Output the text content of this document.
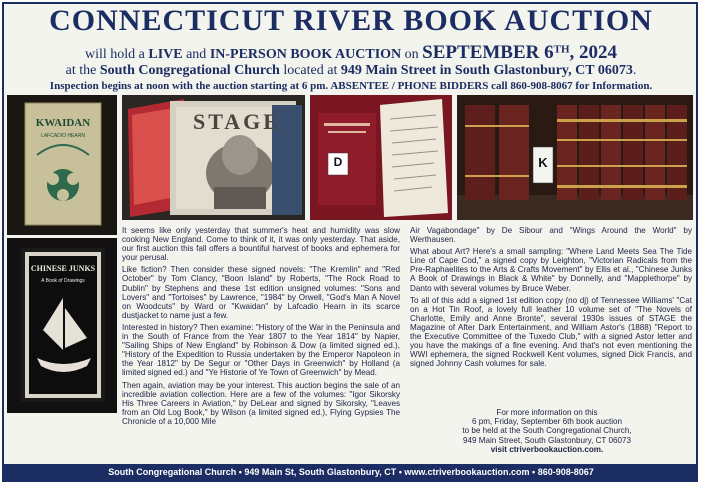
CONNECTICUT RIVER BOOK AUCTION
will hold a LIVE and IN-PERSON BOOK AUCTION on SEPTEMBER 6TH, 2024
at the South Congregational Church located at 949 Main Street in South Glastonbury, CT 06073.
Inspection begins at noon with the auction starting at 6 pm. ABSENTEE / PHONE BIDDERS call 860-908-8067 for Information.
KWAIDAN
LAFCADIO HEARN
STAGE
D	K
CHINESE JUNKS
A Book of Drawings

It seems like only yesterday that summer's heat and humidity was slow cooking New England. Come to think of it, it was only yesterday. That aside, our first auction this fall offers a bountiful harvest of books and ephemera for your perusal.

Like fiction? Then consider these signed novels: "The Kremlin" and "Red October" by Tom Clancy, "Boon Island" by Roberts, "The Rock Road to Dublin" by Stephens and these 1st edition unsigned volumes: "Sons and Lovers" and "Tortoises" by Lawrence, "1984" by Orwell, "God's Man A Novel on Woodcuts" by Ward or "Kwaidan" by Lafcadio Hearn in its scarce dustjacket to name just a few.

Interested in history? Then examine: "History of the War in the Peninsula and in the South of France from the Year 1807 to the Year 1814" by Napier, "Sailing Ships of New England" by Robinson & Dow (a limited signed ed.), "History of the Expedition to Russia undertaken by the Emperor Napoleon in the Year 1812" by De Segur or "Other Days in Greenwich" by Holland (a limited signed ed.) and "Ye Historie of Ye Town of Greenwich" by Mead.

Then again, aviation may be your interest. This auction begins the sale of an incredible aviation collection. Here are a few of the volumes: "Igor Sikorsky His Three Careers in Aviation," by DeLear and signed by Sikorsky, "Leaves from an Old Log Book," by Wilson (a limited signed ed.), Flying Gypsies The Chronicle of a 10,000 Mile

Air Vagabondage" by De Sibour and "Wings Around the World" by Werthausen.

What about Art? Here's a small sampling: "Where Land Meets Sea The Tide Line of Cape Cod," a signed copy by Leighton, "Victorian Radicals from the Pre-Raphaelites to the Arts & Crafts Movement" by Ellis et al., "Chinese Junks A Book of Drawings in Black & White" by Donnelly, and "Mapplethorpe" by Danto with several volumes by Bruce Weber.

To all of this add a signed 1st edition copy (no dj) of Tennessee Williams' "Cat on a Hot Tin Roof, a lovely full leather 10 volume set of "The Novels of Charlotte, Emily and Anne Bronte", several 1930s issues of STAGE the Magazine of After Dark Entertainment, and William Astor's (1888) "Report to the Executive Committee of the Tuxedo Club," with a signed Astor letter and you have the makings of a fine evening. And that's not even mentioning the WWI ephemera, the signed Rockwell Kent volumes, signed Dick Francis, and signed Johnny Cash volumes for sale.

For more information on this
6 pm, Friday, September 6th book auction
to be held at the South Congregational Church,
949 Main Street, South Glastonbury, CT 06073
visit ctriverbookauction.com.
South Congregational Church • 949 Main St, South Glastonbury, CT • www.ctriverbookauction.com • 860-908-8067
